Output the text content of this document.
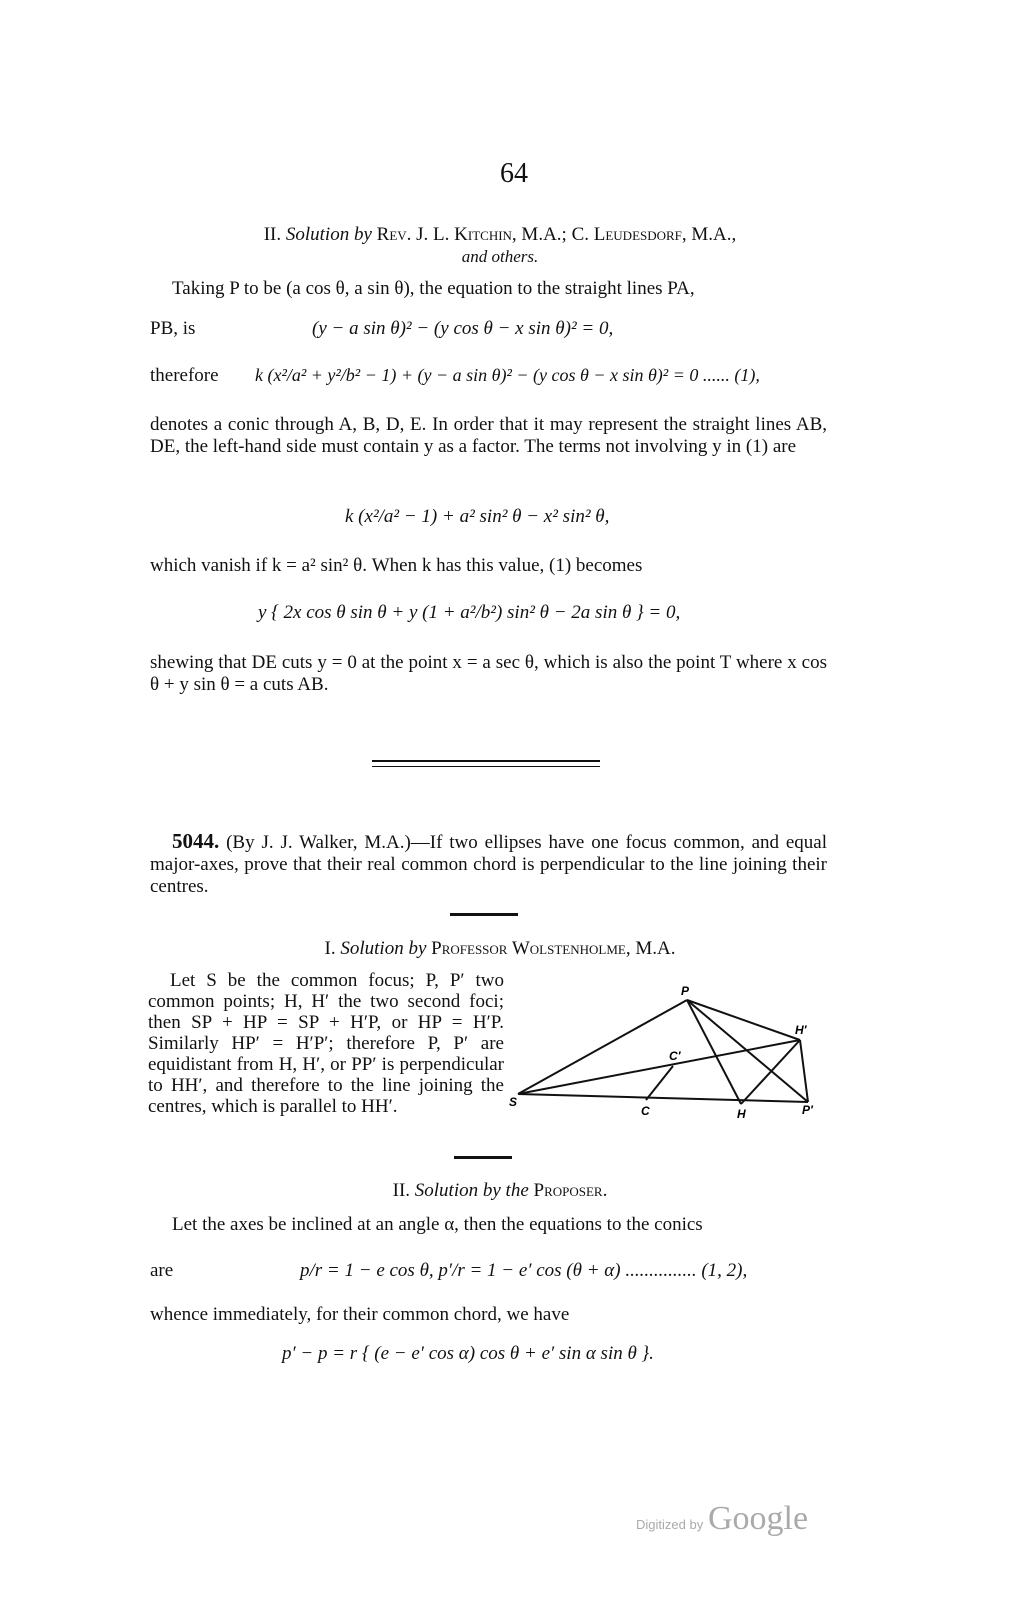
64
II. Solution by Rev. J. L. Kitchin, M.A.; C. Leudesdorf, M.A.,
and others.
Taking P to be (a cos θ, a sin θ), the equation to the straight lines PA,
PB, is	(y − a sin θ)² − (y cos θ − x sin θ)² = 0,
therefore k (x²/a² + y²/b² − 1) + (y − a sin θ)² − (y cos θ − x sin θ)² = 0 ...... (1),
denotes a conic through A, B, D, E. In order that it may represent the straight lines AB, DE, the left-hand side must contain y as a factor. The terms not involving y in (1) are
k (x²/a² − 1) + a² sin² θ − x² sin² θ,
which vanish if k = a² sin² θ. When k has this value, (1) becomes
y { 2x cos θ sin θ + y (1 + a²/b²) sin² θ − 2a sin θ } = 0,
shewing that DE cuts y = 0 at the point x = a sec θ, which is also the point T where x cos θ + y sin θ = a cuts AB.
5044. (By J. J. Walker, M.A.)—If two ellipses have one focus common, and equal major-axes, prove that their real common chord is perpendicular to the line joining their centres.
I. Solution by Professor Wolstenholme, M.A.
Let S be the common focus; P, P′ two common points; H, H′ the two second foci; then SP + HP = SP + H′P, or HP = H′P. Similarly HP′ = H′P′; therefore P, P′ are equidistant from H, H′, or PP′ is perpendicular to HH′, and therefore to the line joining the centres, which is parallel to HH′.
P
H′
C′
S
C	H	P′
II. Solution by the Proposer.
Let the axes be inclined at an angle α, then the equations to the conics
are	p/r = 1 − e cos θ, p′/r = 1 − e′ cos (θ + α) ............... (1, 2),
whence immediately, for their common chord, we have
p′ − p = r { (e − e′ cos α) cos θ + e′ sin α sin θ }.
Digitized by Google
